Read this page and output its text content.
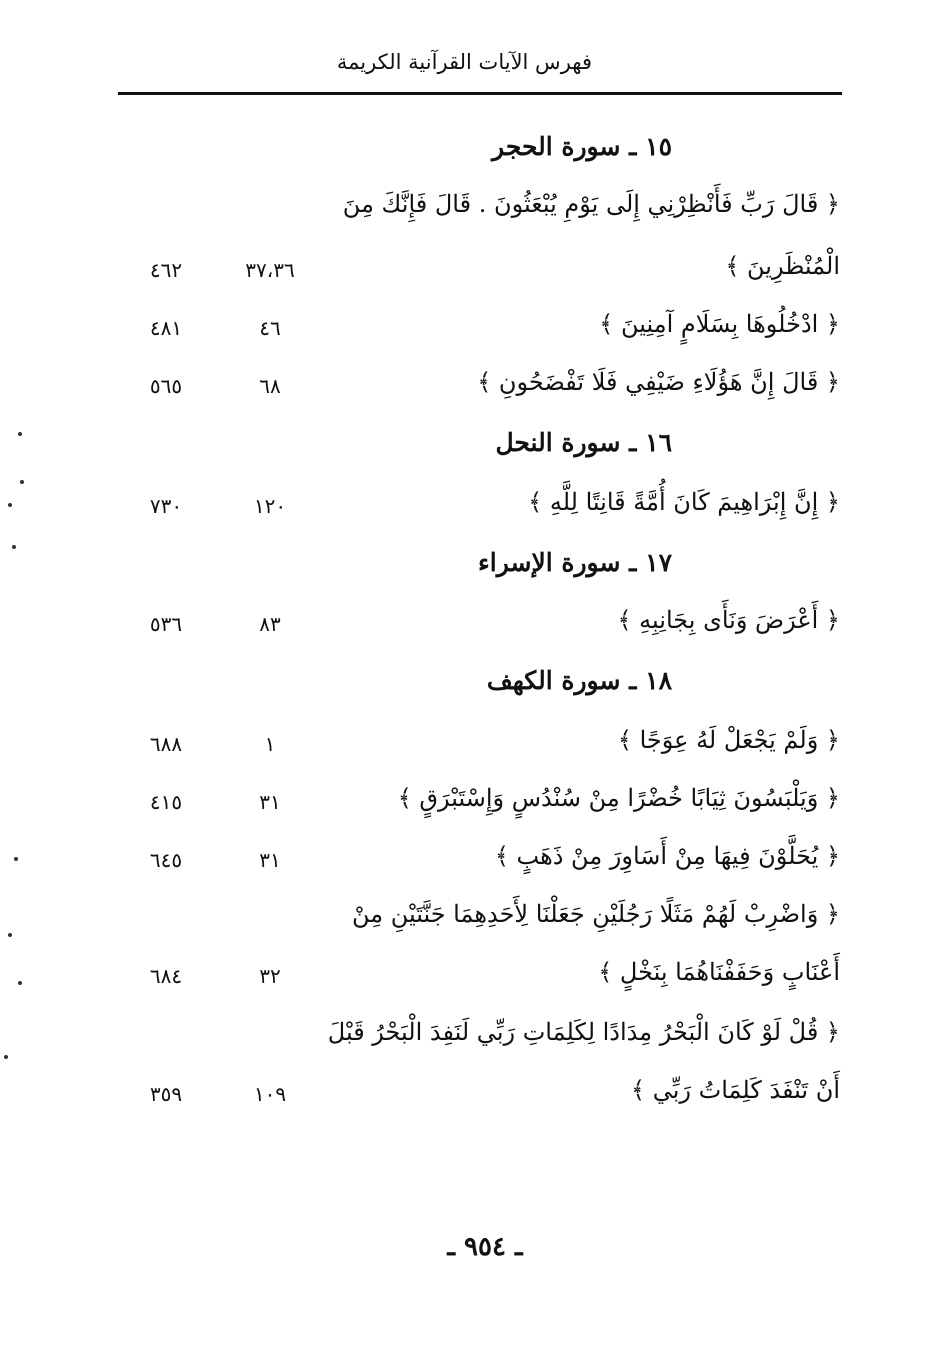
فهرس الآيات القرآنية الكريمة
١٥ ـ سورة الحجر
﴿ قَالَ رَبِّ فَأَنْظِرْنِي إِلَى يَوْمِ يُبْعَثُونَ . قَالَ فَإِنَّكَ مِنَ
الْمُنْظَرِينَ ﴾
٣٧،٣٦
٤٦٢
﴿ ادْخُلُوهَا بِسَلَامٍ آمِنِينَ ﴾
٤٦
٤٨١
﴿ قَالَ إِنَّ هَؤُلَاءِ ضَيْفِي فَلَا تَفْضَحُونِ ﴾
٦٨
٥٦٥
١٦ ـ سورة النحل
﴿ إِنَّ إِبْرَاهِيمَ كَانَ أُمَّةً قَانِتًا لِلَّهِ ﴾
١٢٠
٧٣٠
١٧ ـ سورة الإسراء
﴿ أَعْرَضَ وَنَأَى بِجَانِبِهِ ﴾
٨٣
٥٣٦
١٨ ـ سورة الكهف
﴿ وَلَمْ يَجْعَلْ لَهُ عِوَجًا ﴾
١
٦٨٨
﴿ وَيَلْبَسُونَ ثِيَابًا خُضْرًا مِنْ سُنْدُسٍ وَإِسْتَبْرَقٍ ﴾
٣١
٤١٥
﴿ يُحَلَّوْنَ فِيهَا مِنْ أَسَاوِرَ مِنْ ذَهَبٍ ﴾
٣١
٦٤٥
﴿ وَاضْرِبْ لَهُمْ مَثَلًا رَجُلَيْنِ جَعَلْنَا لِأَحَدِهِمَا جَنَّتَيْنِ مِنْ
أَعْنَابٍ وَحَفَفْنَاهُمَا بِنَخْلٍ ﴾
٣٢
٦٨٤
﴿ قُلْ لَوْ كَانَ الْبَحْرُ مِدَادًا لِكَلِمَاتِ رَبِّي لَنَفِدَ الْبَحْرُ قَبْلَ
أَنْ تَنْفَدَ كَلِمَاتُ رَبِّي ﴾
١٠٩
٣٥٩
ـ ٩٥٤ ـ
